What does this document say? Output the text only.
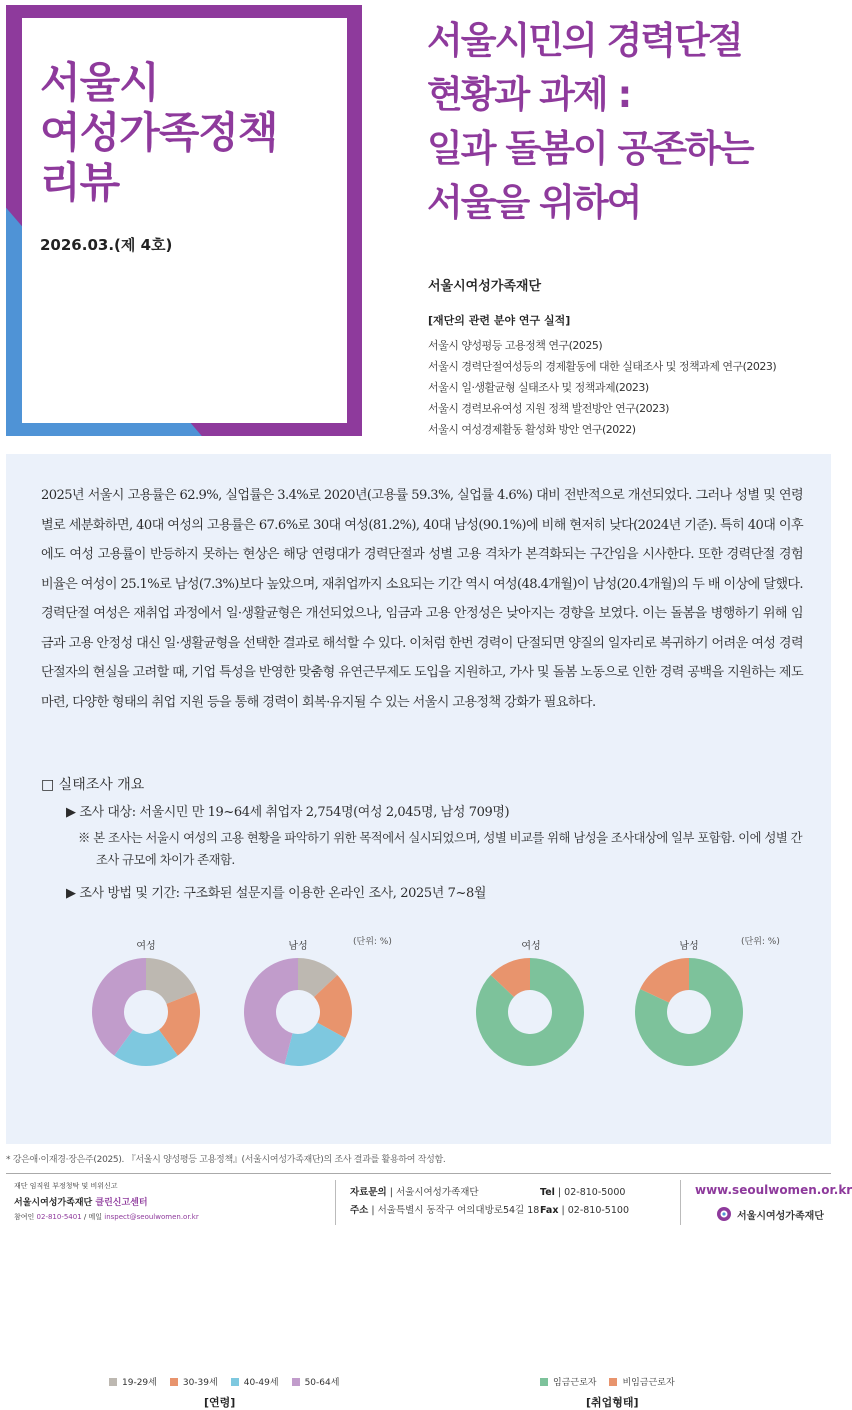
서울시
여성가족정책
리뷰
2026.03.(제 4호)
서울시민의 경력단절
현황과 과제 :
일과 돌봄이 공존하는
서울을 위하여
서울시여성가족재단
[재단의 관련 분야 연구 실적]
서울시 양성평등 고용정책 연구(2025)
서울시 경력단절여성등의 경제활동에 대한 실태조사 및 정책과제 연구(2023)
서울시 일·생활균형 실태조사 및 정책과제(2023)
서울시 경력보유여성 지원 정책 발전방안 연구(2023)
서울시 여성경제활동 활성화 방안 연구(2022)

2025년 서울시 고용률은 62.9%, 실업률은 3.4%로 2020년(고용률 59.3%, 실업률 4.6%) 대비 전반적으로 개선되었다. 그러나 성별 및 연령별로 세분화하면, 40대 여성의 고용률은 67.6%로 30대 여성(81.2%), 40대 남성(90.1%)에 비해 현저히 낮다(2024년 기준). 특히 40대 이후에도 여성 고용률이 반등하지 못하는 현상은 해당 연령대가 경력단절과 성별 고용 격차가 본격화되는 구간임을 시사한다. 또한 경력단절 경험 비율은 여성이 25.1%로 남성(7.3%)보다 높았으며, 재취업까지 소요되는 기간 역시 여성(48.4개월)이 남성(20.4개월)의 두 배 이상에 달했다. 경력단절 여성은 재취업 과정에서 일·생활균형은 개선되었으나, 임금과 고용 안정성은 낮아지는 경향을 보였다. 이는 돌봄을 병행하기 위해 임금과 고용 안정성 대신 일·생활균형을 선택한 결과로 해석할 수 있다. 이처럼 한번 경력이 단절되면 양질의 일자리로 복귀하기 어려운 여성 경력단절자의 현실을 고려할 때, 기업 특성을 반영한 맞춤형 유연근무제도 도입을 지원하고, 가사 및 돌봄 노동으로 인한 경력 공백을 지원하는 제도 마련, 다양한 형태의 취업 지원 등을 통해 경력이 회복·유지될 수 있는 서울시 고용정책 강화가 필요하다.

□ 실태조사 개요
▶ 조사 대상: 서울시민 만 19~64세 취업자 2,754명(여성 2,045명, 남성 709명)
※ 본 조사는 서울시 여성의 고용 현황을 파악하기 위한 목적에서 실시되었으며, 성별 비교를 위해 남성을 조사대상에 일부 포함함. 이에 성별 간 조사 규모에 차이가 존재함.
▶ 조사 방법 및 기간: 구조화된 설문지를 이용한 온라인 조사, 2025년 7~8월
여성	남성	(단위: %)
19-29세	30-39세	40-49세	50-64세
[연령]
여성	남성	(단위: %)
임금근로자	비임금근로자
[취업형태]
* 강은애·이재경·장은주(2025). 『서울시 양성평등 고용정책』(서울시여성가족재단)의 조사 결과를 활용하여 작성함.
재단 임직원 부정청탁 및 비위신고
서울시여성가족재단 클린신고센터
참여인 02-810-5401 / 메일 inspect@seoulwomen.or.kr
자료문의 | 서울시여성가족재단
주소 | 서울특별시 동작구 여의대방로54길 18
Tel | 02-810-5000
Fax | 02-810-5100
www.seoulwomen.or.kr
서울시여성가족재단
